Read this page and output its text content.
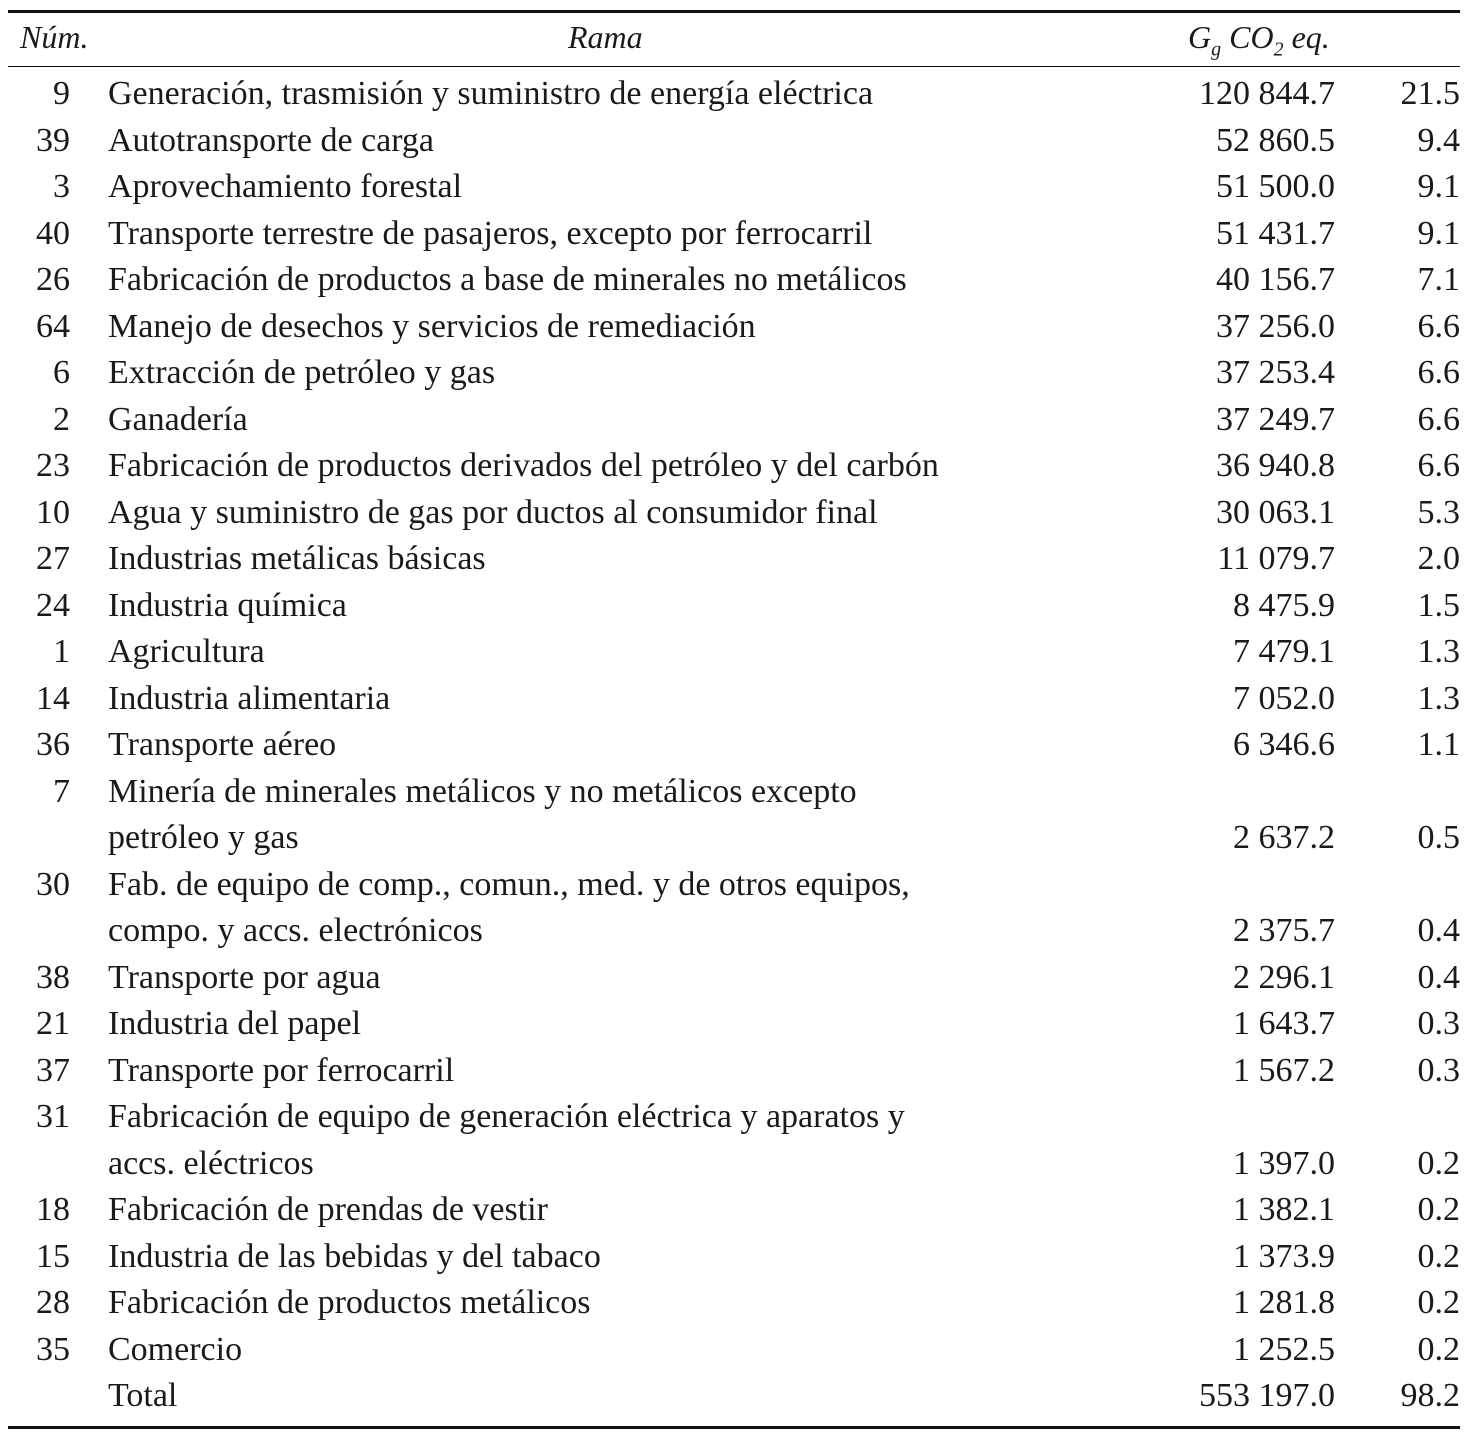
Núm.	Rama	$G_g$ $CO_2$ eq.
9 Generación, trasmisión y suministro de energía eléctrica	120 844.7 21.5
39 Autotransporte de carga	52 860.5 9.4
3 Aprovechamiento forestal	51 500.0 9.1
40 Transporte terrestre de pasajeros, excepto por ferrocarril	51 431.7 9.1
26 Fabricación de productos a base de minerales no metálicos	40 156.7 7.1
64 Manejo de desechos y servicios de remediación	37 256.0 6.6
6 Extracción de petróleo y gas	37 253.4 6.6
2 Ganadería	37 249.7 6.6
23 Fabricación de productos derivados del petróleo y del carbón	36 940.8 6.6
10 Agua y suministro de gas por ductos al consumidor final	30 063.1 5.3
27 Industrias metálicas básicas	11 079.7 2.0
24 Industria química	8 475.9 1.5
1 Agricultura	7 479.1 1.3
14 Industria alimentaria	7 052.0 1.3
36 Transporte aéreo	6 346.6 1.1
7 Minería de minerales metálicos y no metálicos excepto
petróleo y gas	2 637.2 0.5
30 Fab. de equipo de comp., comun., med. y de otros equipos,
compo. y accs. electrónicos	2 375.7 0.4
38 Transporte por agua	2 296.1 0.4
21 Industria del papel	1 643.7 0.3
37 Transporte por ferrocarril	1 567.2 0.3
31 Fabricación de equipo de generación eléctrica y aparatos y
accs. eléctricos	1 397.0 0.2
18 Fabricación de prendas de vestir	1 382.1 0.2
15 Industria de las bebidas y del tabaco	1 373.9 0.2
28 Fabricación de productos metálicos	1 281.8 0.2
35 Comercio	1 252.5 0.2
Total	553 197.0 98.2
